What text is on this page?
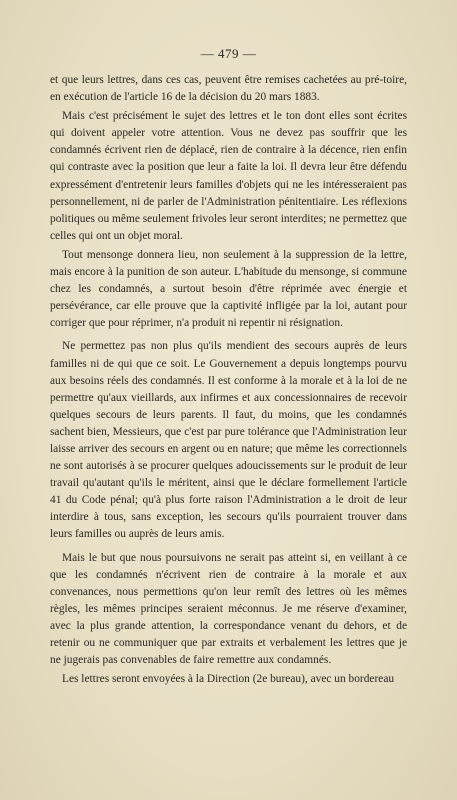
— 479 —

et que leurs lettres, dans ces cas, peuvent être remises cachetées au pré-toire, en exécution de l'article 16 de la décision du 20 mars 1883.

Mais c'est précisément le sujet des lettres et le ton dont elles sont écrites qui doivent appeler votre attention. Vous ne devez pas souffrir que les condamnés écrivent rien de déplacé, rien de contraire à la décence, rien enfin qui contraste avec la position que leur a faite la loi. Il devra leur être défendu expressément d'entretenir leurs familles d'objets qui ne les intéresseraient pas personnellement, ni de parler de l'Administration pénitentiaire. Les réflexions politiques ou même seulement frivoles leur seront interdites; ne permettez que celles qui ont un objet moral.

Tout mensonge donnera lieu, non seulement à la suppression de la lettre, mais encore à la punition de son auteur. L'habitude du mensonge, si commune chez les condamnés, a surtout besoin d'être réprimée avec énergie et persévérance, car elle prouve que la captivité infligée par la loi, autant pour corriger que pour réprimer, n'a produit ni repentir ni résignation.

Ne permettez pas non plus qu'ils mendient des secours auprès de leurs familles ni de qui que ce soit. Le Gouvernement a depuis longtemps pourvu aux besoins réels des condamnés. Il est conforme à la morale et à la loi de ne permettre qu'aux vieillards, aux infirmes et aux concessionnaires de recevoir quelques secours de leurs parents. Il faut, du moins, que les condamnés sachent bien, Messieurs, que c'est par pure tolérance que l'Administration leur laisse arriver des secours en argent ou en nature; que même les correctionnels ne sont autorisés à se procurer quelques adoucissements sur le produit de leur travail qu'autant qu'ils le méritent, ainsi que le déclare formellement l'article 41 du Code pénal; qu'à plus forte raison l'Administration a le droit de leur interdire à tous, sans exception, les secours qu'ils pourraient trouver dans leurs familles ou auprès de leurs amis.

Mais le but que nous poursuivons ne serait pas atteint si, en veillant à ce que les condamnés n'écrivent rien de contraire à la morale et aux convenances, nous permettions qu'on leur remît des lettres où les mêmes règles, les mêmes principes seraient méconnus. Je me réserve d'examiner, avec la plus grande attention, la correspondance venant du dehors, et de retenir ou ne communiquer que par extraits et verbalement les lettres que je ne jugerais pas convenables de faire remettre aux condamnés.

Les lettres seront envoyées à la Direction (2e bureau), avec un bordereau
